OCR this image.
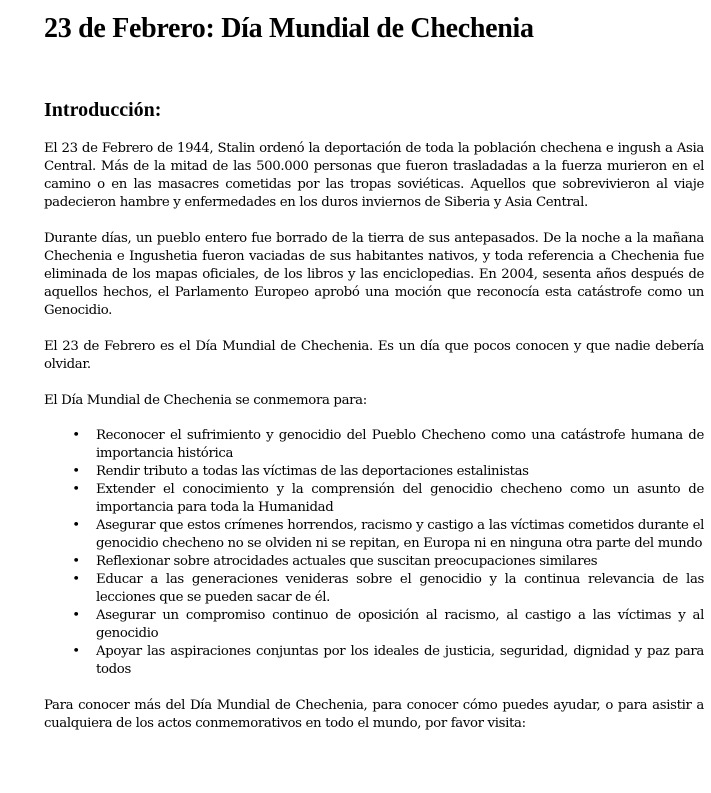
23 de Febrero: Día Mundial de Chechenia
Introducción:

El 23 de Febrero de 1944, Stalin ordenó la deportación de toda la población chechena e ingush a Asia Central. Más de la mitad de las 500.000 personas que fueron trasladadas a la fuerza murieron en el camino o en las masacres cometidas por las tropas soviéticas. Aquellos que sobrevivieron al viaje padecieron hambre y enfermedades en los duros inviernos de Siberia y Asia Central.

Durante días, un pueblo entero fue borrado de la tierra de sus antepasados. De la noche a la mañana Chechenia e Ingushetia fueron vaciadas de sus habitantes nativos, y toda referencia a Chechenia fue eliminada de los mapas oficiales, de los libros y las enciclopedias. En 2004, sesenta años después de aquellos hechos, el Parlamento Europeo aprobó una moción que reconocía esta catástrofe como un Genocidio.

El 23 de Febrero es el Día Mundial de Chechenia. Es un día que pocos conocen y que nadie debería olvidar.

El Día Mundial de Chechenia se conmemora para:

• Reconocer el sufrimiento y genocidio del Pueblo Checheno como una catástrofe humana de importancia histórica
• Rendir tributo a todas las víctimas de las deportaciones estalinistas
• Extender el conocimiento y la comprensión del genocidio checheno como un asunto de importancia para toda la Humanidad
• Asegurar que estos crímenes horrendos, racismo y castigo a las víctimas cometidos durante el genocidio checheno no se olviden ni se repitan, en Europa ni en ninguna otra parte del mundo
• Reflexionar sobre atrocidades actuales que suscitan preocupaciones similares
• Educar a las generaciones venideras sobre el genocidio y la continua relevancia de las lecciones que se pueden sacar de él.
• Asegurar un compromiso continuo de oposición al racismo, al castigo a las víctimas y al genocidio
• Apoyar las aspiraciones conjuntas por los ideales de justicia, seguridad, dignidad y paz para todos

Para conocer más del Día Mundial de Chechenia, para conocer cómo puedes ayudar, o para asistir a cualquiera de los actos conmemorativos en todo el mundo, por favor visita:
